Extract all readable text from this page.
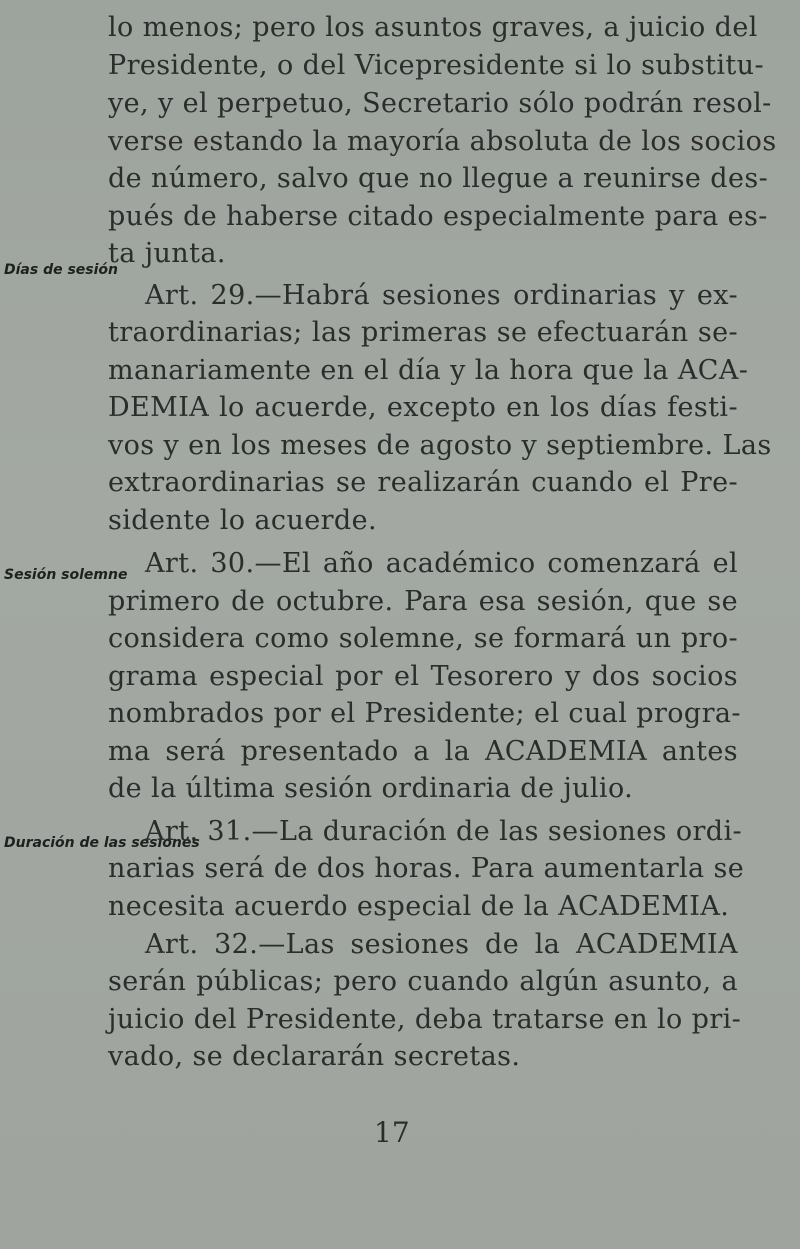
lo menos; pero los asuntos graves, a juicio del
Presidente, o del Vicepresidente si lo substitu-
ye, y el perpetuo, Secretario sólo podrán resol-
verse estando la mayoría absoluta de los socios
de número, salvo que no llegue a reunirse des-
pués de haberse citado especialmente para es-
ta junta.
Días de sesión
Art. 29.—Habrá sesiones ordinarias y ex-
traordinarias; las primeras se efectuarán se-
manariamente en el día y la hora que la ACA-
DEMIA lo acuerde, excepto en los días festi-
vos y en los meses de agosto y septiembre. Las
extraordinarias se realizarán cuando el Pre-
sidente lo acuerde.
Sesión solemne Art. 30.—El año académico comenzará el
primero de octubre. Para esa sesión, que se
considera como solemne, se formará un pro-
grama especial por el Tesorero y dos socios
nombrados por el Presidente; el cual progra-
ma será presentado a la ACADEMIA antes
de la última sesión ordinaria de julio.
Duración de las sesiones
Art. 31.—La duración de las sesiones ordi-
narias será de dos horas. Para aumentarla se
necesita acuerdo especial de la ACADEMIA.
Art. 32.—Las sesiones de la ACADEMIA
serán públicas; pero cuando algún asunto, a
juicio del Presidente, deba tratarse en lo pri-
vado, se declararán secretas.
17
